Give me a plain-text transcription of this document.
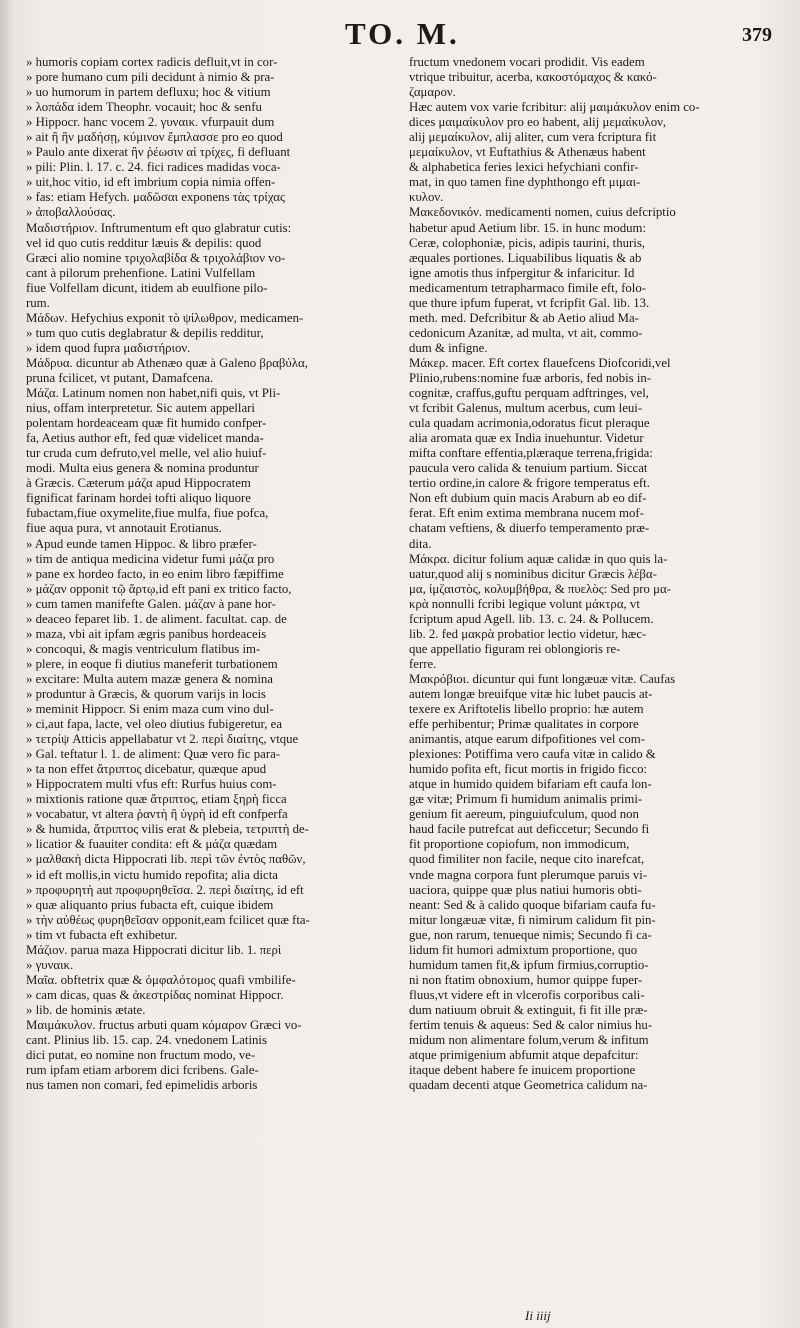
TO. M.	379
» humoris copiam cortex radicis defluit,vt in cor-
» pore humano cum pili decidunt à nimio & pra-
» uo humorum in partem defluxu; hoc & vitium
» λοπάδα idem Theophr. vocauit; hoc & senfu
» Hippocr. hanc vocem 2. γυναικ. vfurpauit dum
» ait ἢ ἢν μαδήσῃ, κύμινον ἔμπλασσε pro eo quod
» Paulo ante dixerat ἢν ῥέωσιν αἱ τρίχες, fi defluant
» pili: Plin. l. 17. c. 24. fici radices madidas voca-
» uit,hoc vitio, id eft imbrium copia nimia offen-
» fas: etiam Hefych. μαδῶσαι exponens τὰς τρίχας
» ἀποβαλλούσας.
Μαδιστήριον. Inftrumentum eft quo glabratur cutis:
vel id quo cutis redditur læuis & depilis: quod
Græci alio nomine τριχολαβίδα & τριχολάβιον vo-
cant à pilorum prehenfione. Latini Vulfellam
fiue Volfellam dicunt, itidem ab euulfione pilo-
rum.
Μάδων. Hefychius exponit τὸ ψίλωθρον, medicamen-
» tum quo cutis deglabratur & depilis redditur,
» idem quod fupra μαδιστήριον.
Μάδρυα. dicuntur ab Athenæo quæ à Galeno βραβύλα,
pruna fcilicet, vt putant, Damafcena.
Μάζα. Latinum nomen non habet,nifi quis, vt Pli-
nius, offam interpretetur. Sic autem appellari
polentam hordeaceam quæ fit humido confper-
fa, Aetius author eft, fed quæ videlicet manda-
tur cruda cum defruto,vel melle, vel alio huiuf-
modi. Multa eius genera & nomina produntur
à Græcis. Cæterum μάζα apud Hippocratem
fignificat farinam hordei tofti aliquo liquore
fubactam,fiue oxymelite,fiue mulfa, fiue pofca,
fiue aqua pura, vt annotauit Erotianus.
» Apud eunde tamen Hippoc. & libro præfer-
» tim de antiqua medicina videtur fumi μάζα pro
» pane ex hordeo facto, in eo enim libro fæpiffime
» μάζαν opponit τῷ ἄρτῳ,id eft pani ex tritico facto,
» cum tamen manifefte Galen. μάζαν à pane hor-
» deaceo feparet lib. 1. de aliment. facultat. cap. de
» maza, vbi ait ipfam ægris panibus hordeaceis
» concoqui, & magis ventriculum flatibus im-
» plere, in eoque fi diutius maneferit turbationem
» excitare: Multa autem mazæ genera & nomina
» produntur à Græcis, & quorum varijs in locis
» meminit Hippocr. Si enim maza cum vino dul-
» ci,aut fapa, lacte, vel oleo diutius fubigeretur, ea
» τετρίψ Atticis appellabatur vt 2. περὶ διαίτης, vtque
» Gal. teftatur l. 1. de aliment: Quæ vero fic para-
» ta non effet ἄτριπτος dicebatur, quæque apud
» Hippocratem multi vfus eft: Rurfus huius com-
» mixtionis ratione quæ ἄτριπτος, etiam ξηρὴ ficca
» vocabatur, vt altera ῥαντὴ ἢ ὑγρὴ id eft confperfa
» & humida, ἄτριπτος vilis erat & plebeia, τετριπτὴ de-
» licatior & fuauiter condita: eft & μάζα quædam
» μαλθακὴ dicta Hippocrati lib. περὶ τῶν ἐντὸς παθῶν,
» id eft mollis,in victu humido repofita; alia dicta
» προφυρητὴ aut προφυρηθεῖσα. 2. περὶ διαίτης, id eft
» quæ aliquanto prius fubacta eft, cuique ibidem
» τὴν αὐθέως φυρηθεῖσαν opponit,eam fcilicet quæ fta-
» tim vt fubacta eft exhibetur.
Μάζιον. parua maza Hippocrati dicitur lib. 1. περὶ
» γυναικ.
Μαῖα. obftetrix quæ & ὀμφαλότομος quafi vmbilife-
» cam dicas, quas & ἀκεστρίδας nominat Hippocr.
» lib. de hominis ætate.
Μαιμάκυλον. fructus arbuti quam κόμαρον Græci vo-
cant. Plinius lib. 15. cap. 24. vnedonem Latinis
dici putat, eo nomine non fructum modo, ve-
rum ipfam etiam arborem dici fcribens. Gale-
nus tamen non comari, fed epimelidis arboris
fructum vnedonem vocari prodidit. Vis eadem
vtrique tribuitur, acerba, κακοστόμαχος & κακό-
ζαμαρον.
Hæc autem vox varie fcribitur: alij μαιμάκυλον enim co-
dices μαιμαίκυλον pro eo habent, alij μεμαίκυλον,
alij μεμαίκυλον, alij aliter, cum vera fcriptura fit
μεμαίκυλον, vt Euftathius & Athenæus habent
& alphabetica feries lexici hefychiani confir-
mat, in quo tamen fine dyphthongo eft μιμαι-
κυλον.
Μακεδονικόν. medicamenti nomen, cuius defcriptio
habetur apud Aetium libr. 15. in hunc modum:
Ceræ, colophoniæ, picis, adipis taurini, thuris,
æquales portiones. Liquabilibus liquatis & ab
igne amotis thus infpergitur & infaricitur. Id
medicamentum tetrapharmaco fimile eft, folo-
que thure ipfum fuperat, vt fcripfit Gal. lib. 13.
meth. med. Defcribitur & ab Aetio aliud Ma-
cedonicum Azanitæ, ad multa, vt ait, commo-
dum & infigne.
Μάκερ. macer. Eft cortex flauefcens Diofcoridi,vel
Plinio,rubens:nomine fuæ arboris, fed nobis in-
cognitæ, craffus,guftu perquam adftringes, vel,
vt fcribit Galenus, multum acerbus, cum leui-
cula quadam acrimonia,odoratus ficut pleraque
alia aromata quæ ex India inuehuntur. Videtur
mifta conftare effentia,plæraque terrena,frigida:
paucula vero calida & tenuium partium. Siccat
tertio ordine,in calore & frigore temperatus eft.
Non eft dubium quin macis Araburn ab eo dif-
ferat. Eft enim extima membrana nucem mof-
chatam veftiens, & diuerfo temperamento præ-
dita.
Μάκρα. dicitur folium aquæ calidæ in quo quis la-
uatur,quod alij s nominibus dicitur Græcis λέβα-
μα, ἰμζαιστὸς, κολυμβήθρα, & πυελὸς: Sed pro μα-
κρὰ nonnulli fcribi legique volunt μάκτρα, vt
fcriptum apud Agell. lib. 13. c. 24. & Pollucem.
lib. 2. fed μακρὰ probatior lectio videtur, hæc-
que appellatio figuram rei oblongioris re-
ferre.
Μακρόβιοι. dicuntur qui funt longæuæ vitæ. Caufas
autem longæ breuifque vitæ hic lubet paucis at-
texere ex Ariftotelis libello proprio: hæ autem
effe perhibentur; Primæ qualitates in corpore
animantis, atque earum difpofitiones vel com-
plexiones: Potiffima vero caufa vitæ in calido &
humido pofita eft, ficut mortis in frigido ficco:
atque in humido quidem bifariam eft caufa lon-
gæ vitæ; Primum fi humidum animalis primi-
genium fit aereum, pinguiufculum, quod non
haud facile putrefcat aut deficcetur; Secundo fi
fit proportione copiofum, non immodicum,
quod fimiliter non facile, neque cito inarefcat,
vnde magna corpora funt plerumque paruis vi-
uaciora, quippe quæ plus natiui humoris obti-
neant: Sed & à calido quoque bifariam caufa fu-
mitur longæuæ vitæ, fi nimirum calidum fit pin-
gue, non rarum, tenueque nimis; Secundo fi ca-
lidum fit humori admixtum proportione, quo
humidum tamen fit,& ipfum firmius,corruptio-
ni non ftatim obnoxium, humor quippe fuper-
fluus,vt videre eft in vlcerofis corporibus cali-
dum natiuum obruit & extinguit, fi fit ille præ-
fertim tenuis & aqueus: Sed & calor nimius hu-
midum non alimentare folum,verum & infitum
atque primigenium abfumit atque depafcitur:
itaque debent habere fe inuicem proportione
quadam decenti atque Geometrica calidum na-
Ii iiij
